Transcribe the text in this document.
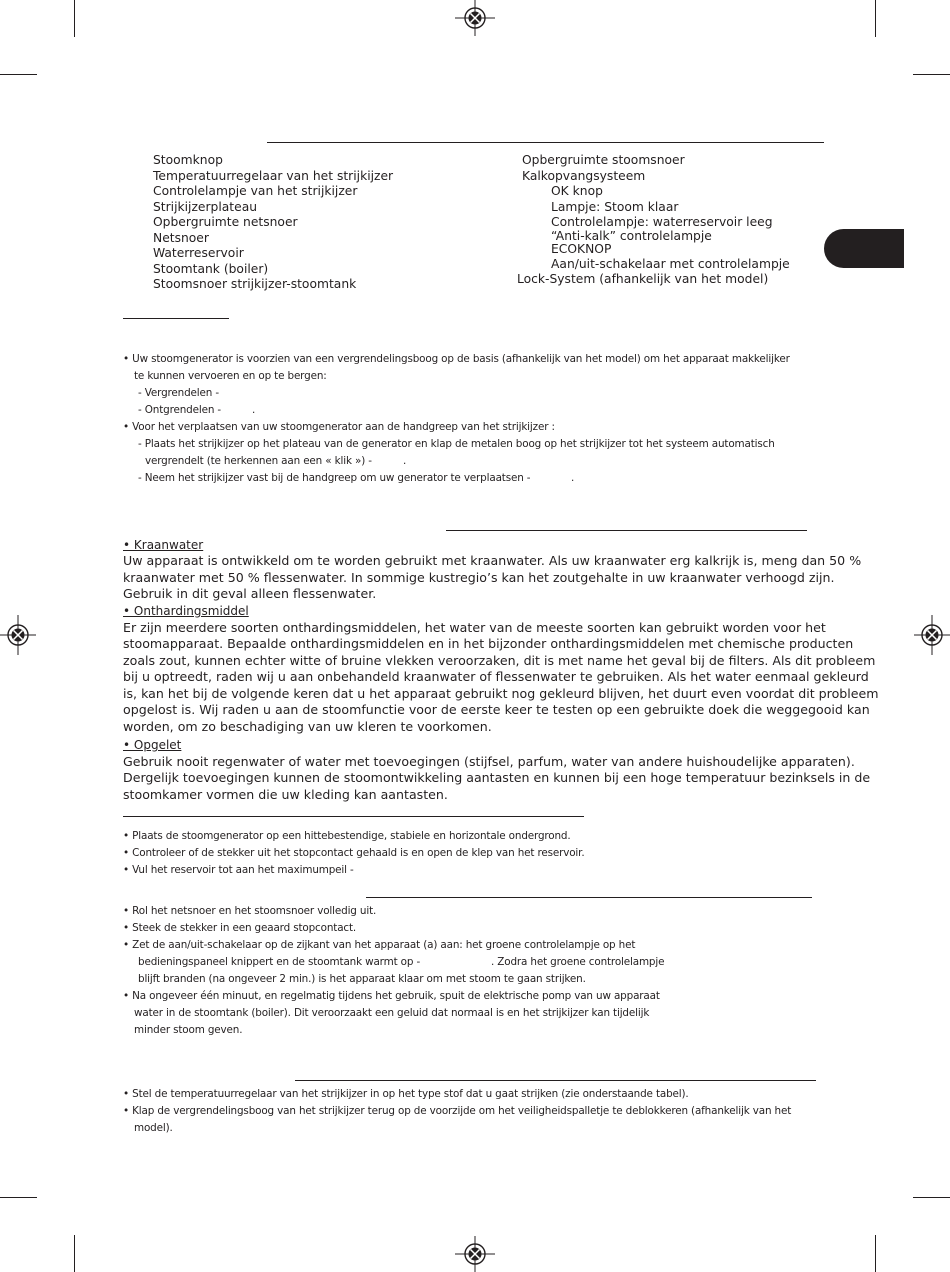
Stoomknop
Temperatuurregelaar van het strijkijzer
Controlelampje van het strijkijzer
Strijkijzerplateau
Opbergruimte netsnoer
Netsnoer
Waterreservoir
Stoomtank (boiler)
Stoomsnoer strijkijzer-stoomtank
Opbergruimte stoomsnoer
Kalkopvangsysteem
OK knop
Lampje: Stoom klaar
Controlelampje: waterreservoir leeg
“Anti-kalk” controlelampje
ECOKNOP
Aan/uit-schakelaar met controlelampje
Lock-System (afhankelijk van het model)
• Uw stoomgenerator is voorzien van een vergrendelingsboog op de basis (afhankelijk van het model) om het apparaat makkelijker
te kunnen vervoeren en op te bergen:
- Vergrendelen -
- Ontgrendelen -	.
• Voor het verplaatsen van uw stoomgenerator aan de handgreep van het strijkijzer :
- Plaats het strijkijzer op het plateau van de generator en klap de metalen boog op het strijkijzer tot het systeem automatisch
vergrendelt (te herkennen aan een « klik ») -	.
- Neem het strijkijzer vast bij de handgreep om uw generator te verplaatsen -	.
• Kraanwater
Uw apparaat is ontwikkeld om te worden gebruikt met kraanwater. Als uw kraanwater erg kalkrijk is, meng dan 50 %
kraanwater met 50 % flessenwater. In sommige kustregio’s kan het zoutgehalte in uw kraanwater verhoogd zijn.
Gebruik in dit geval alleen flessenwater.
• Onthardingsmiddel
Er zijn meerdere soorten onthardingsmiddelen, het water van de meeste soorten kan gebruikt worden voor het
stoomapparaat. Bepaalde onthardingsmiddelen en in het bijzonder onthardingsmiddelen met chemische producten
zoals zout, kunnen echter witte of bruine vlekken veroorzaken, dit is met name het geval bij de filters. Als dit probleem
bij u optreedt, raden wij u aan onbehandeld kraanwater of flessenwater te gebruiken. Als het water eenmaal gekleurd
is, kan het bij de volgende keren dat u het apparaat gebruikt nog gekleurd blijven, het duurt even voordat dit probleem
opgelost is. Wij raden u aan de stoomfunctie voor de eerste keer te testen op een gebruikte doek die weggegooid kan
worden, om zo beschadiging van uw kleren te voorkomen.
• Opgelet
Gebruik nooit regenwater of water met toevoegingen (stijfsel, parfum, water van andere huishoudelijke apparaten).
Dergelijk toevoegingen kunnen de stoomontwikkeling aantasten en kunnen bij een hoge temperatuur bezinksels in de
stoomkamer vormen die uw kleding kan aantasten.
• Plaats de stoomgenerator op een hittebestendige, stabiele en horizontale ondergrond.
• Controleer of de stekker uit het stopcontact gehaald is en open de klep van het reservoir.
• Vul het reservoir tot aan het maximumpeil -
• Rol het netsnoer en het stoomsnoer volledig uit.
• Steek de stekker in een geaard stopcontact.
• Zet de aan/uit-schakelaar op de zijkant van het apparaat (a) aan: het groene controlelampje op het
bedieningspaneel knippert en de stoomtank warmt op -	. Zodra het groene controlelampje
blijft branden (na ongeveer 2 min.) is het apparaat klaar om met stoom te gaan strijken.
• Na ongeveer één minuut, en regelmatig tijdens het gebruik, spuit de elektrische pomp van uw apparaat
water in de stoomtank (boiler). Dit veroorzaakt een geluid dat normaal is en het strijkijzer kan tijdelijk
minder stoom geven.
• Stel de temperatuurregelaar van het strijkijzer in op het type stof dat u gaat strijken (zie onderstaande tabel).
• Klap de vergrendelingsboog van het strijkijzer terug op de voorzijde om het veiligheidspalletje te deblokkeren (afhankelijk van het
model).
